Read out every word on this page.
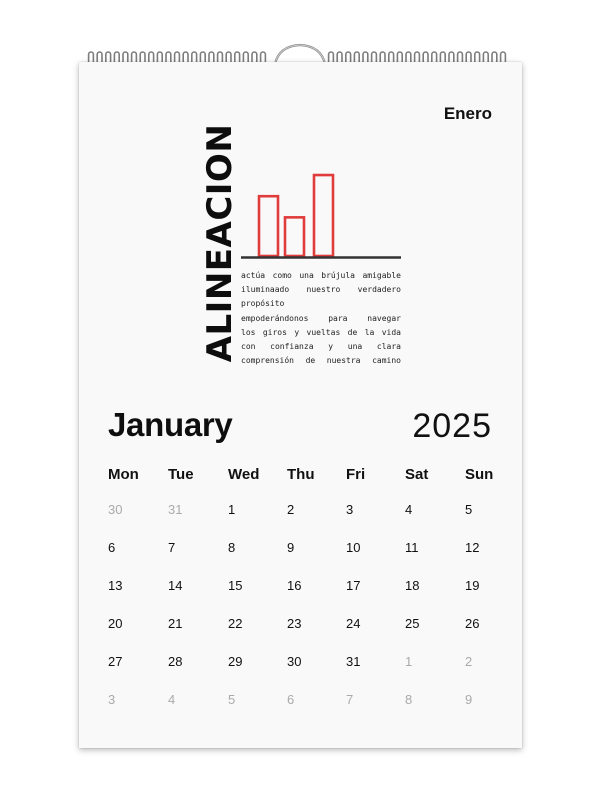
Enero
ALINEACION actúa como una brújula amigable
iluminaado nuestro verdadero propósito
empoderándonos para navegar
los giros y vueltas de la vida
con confianza y una clara
comprensión de nuestra camino
January	2025
Mon Tue Wed Thu Fri	Sat Sun
30	31	1	2	3	4	5
6	7	8	9	10	11	12
13	14	15	16	17	18	19
20	21	22	23	24	25	26
27	28	29	30	31	1	2
3	4	5	6	7	8	9
